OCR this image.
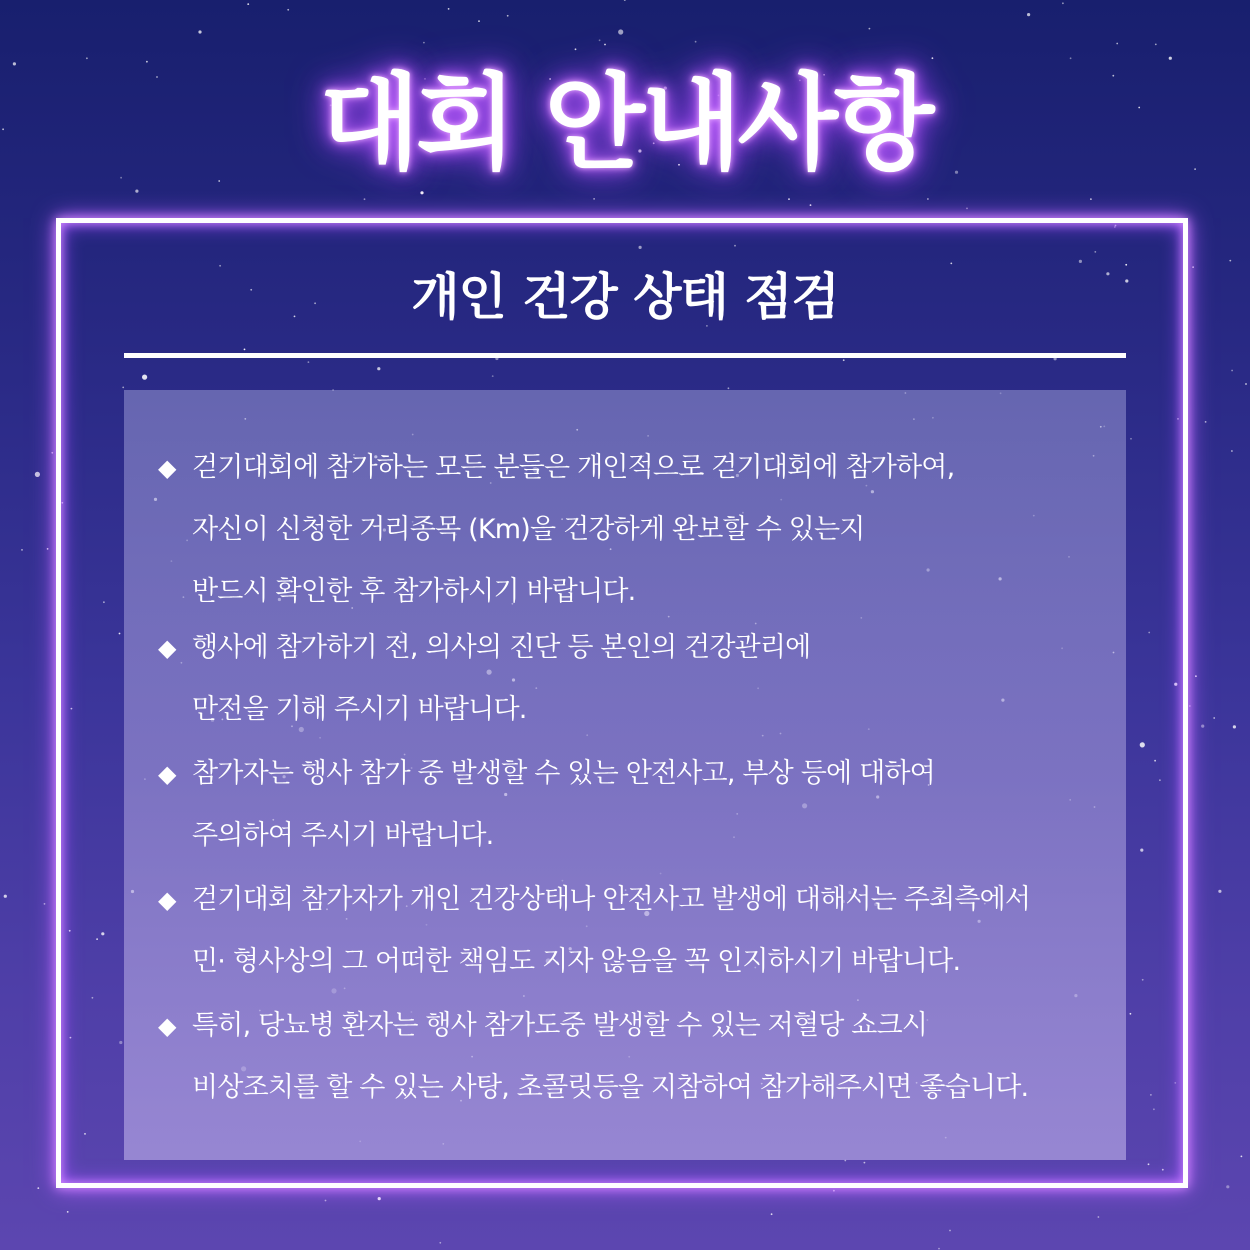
대회 안내사항
개인 건강 상태 점검
◆ 걷기대회에 참가하는 모든 분들은 개인적으로 걷기대회에 참가하여,
자신이 신청한 거리종목 (Km)을 건강하게 완보할 수 있는지
반드시 확인한 후 참가하시기 바랍니다.
◆ 행사에 참가하기 전, 의사의 진단 등 본인의 건강관리에
만전을 기해 주시기 바랍니다.
◆ 참가자는 행사 참가 중 발생할 수 있는 안전사고, 부상 등에 대하여
주의하여 주시기 바랍니다.
◆ 걷기대회 참가자가 개인 건강상태나 안전사고 발생에 대해서는 주최측에서
민· 형사상의 그 어떠한 책임도 지자 않음을 꼭 인지하시기 바랍니다.
◆ 특히, 당뇨병 환자는 행사 참가도중 발생할 수 있는 저혈당 쇼크시
비상조치를 할 수 있는 사탕, 초콜릿등을 지참하여 참가해주시면 좋습니다.
